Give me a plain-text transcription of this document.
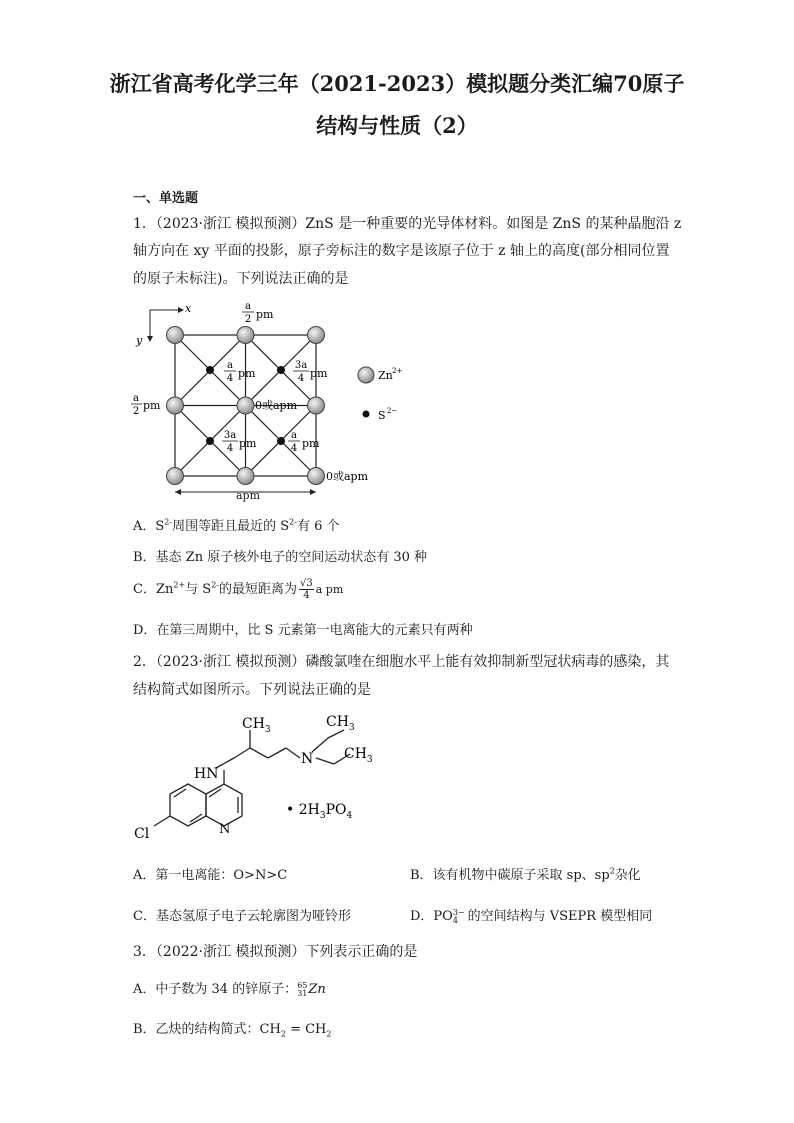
浙江省高考化学三年（2021-2023）模拟题分类汇编70原子
结构与性质（2）
一、单选题
1．（2023·浙江 模拟预测）ZnS 是一种重要的光导体材料。如图是 ZnS 的某种晶胞沿 z
轴方向在 xy 平面的投影，原子旁标注的数字是该原子位于 z 轴上的高度(部分相同位置
的原子未标注)。下列说法正确的是
x
y
a
2 pm
a
2 pm
a
4 pm
3a
4 pm
3a
4 pm
a
4 pm
0或apm
0或apm
apm
Zn 2+
S 2−
A．$S^{2-}$周围等距且最近的 $S^{2-}$有 6 个
B．基态 Zn 原子核外电子的空间运动状态有 30 种
C．$Zn^{2+}$与 $S^{2-}$的最短距离为 $\frac{√3}{4}$ a pm
D．在第三周期中，比 S 元素第一电离能大的元素只有两种
2．（2023·浙江 模拟预测）磷酸氯喹在细胞水平上能有效抑制新型冠状病毒的感染，其
结构简式如图所示。下列说法正确的是
$CH_3$	$CH_3$
$CH_3$
N
HN
Cl	N
• $2H_3PO_4$
A．第一电离能：O>N>C	B．该有机物中碳原子采取 sp、$sp^2$杂化
C．基态氢原子电子云轮廓图为哑铃形	D．PO 3−
4 的空间结构与 VSEPR 模型相同
3．（2022·浙江 模拟预测）下列表示正确的是
A．中子数为 34 的锌原子： 65
31 Zn
B．乙炔的结构简式：$CH_2 = CH_2$
